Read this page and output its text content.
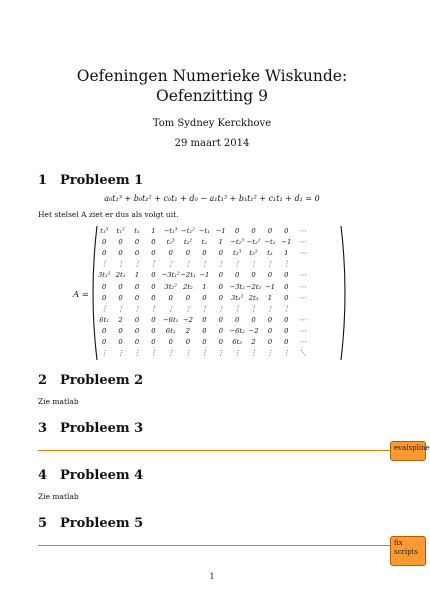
Oefeningen Numerieke Wiskunde:
Oefenzitting 9
Tom Sydney Kerckhove
29 maart 2014
1 Probleem 1
a₀t₁³ + b₀t₁² + c₀t₁ + d₀ − a₁t₁³ + b₁t₁² + c₁t₁ + d₁ = 0
Het stelsel A ziet er dus als volgt uit.
A =
t₁³	t₁²	t₁	1	−t₁³	−t₁²	−t₁	−1	0	0	0	0	⋯
0	0	0	0	t₂³	t₂²	t₂	1	−t₂³	−t₂²	−t₂	−1	⋯
0	0	0	0	0	0	0	0	t₃³	t₃²	t₃	1	⋯
⋮	⋮	⋮	⋮	⋮	⋮	⋮	⋮	⋮	⋮	⋮	⋮	
3t₁²	2t₁	1	0	−3t₁²	−2t₁	−1	0	0	0	0	0	⋯
0	0	0	0	3t₂²	2t₂	1	0	−3t₂	−2t₂	−1	0	⋯
0	0	0	0	0	0	0	0	3t₃²	2t₃	1	0	⋯
⋮	⋮	⋮	⋮	⋮	⋮	⋮	⋮	⋮	⋮	⋮	⋮	
6t₁	2	0	0	−6t₁	−2	0	0	0	0	0	0	⋯
0	0	0	0	6t₂	2	0	0	−6t₂	−2	0	0	⋯
0	0	0	0	0	0	0	0	6t₃	2	0	0	⋯
⋮	⋮	⋮	⋮	⋮	⋮	⋮	⋮	⋮	⋮	⋮	⋮	⋱
2 Probleem 2
Zie matlab
3 Probleem 3
evalspline
4 Probleem 4
Zie matlab
5 Probleem 5
fix scripts
1
